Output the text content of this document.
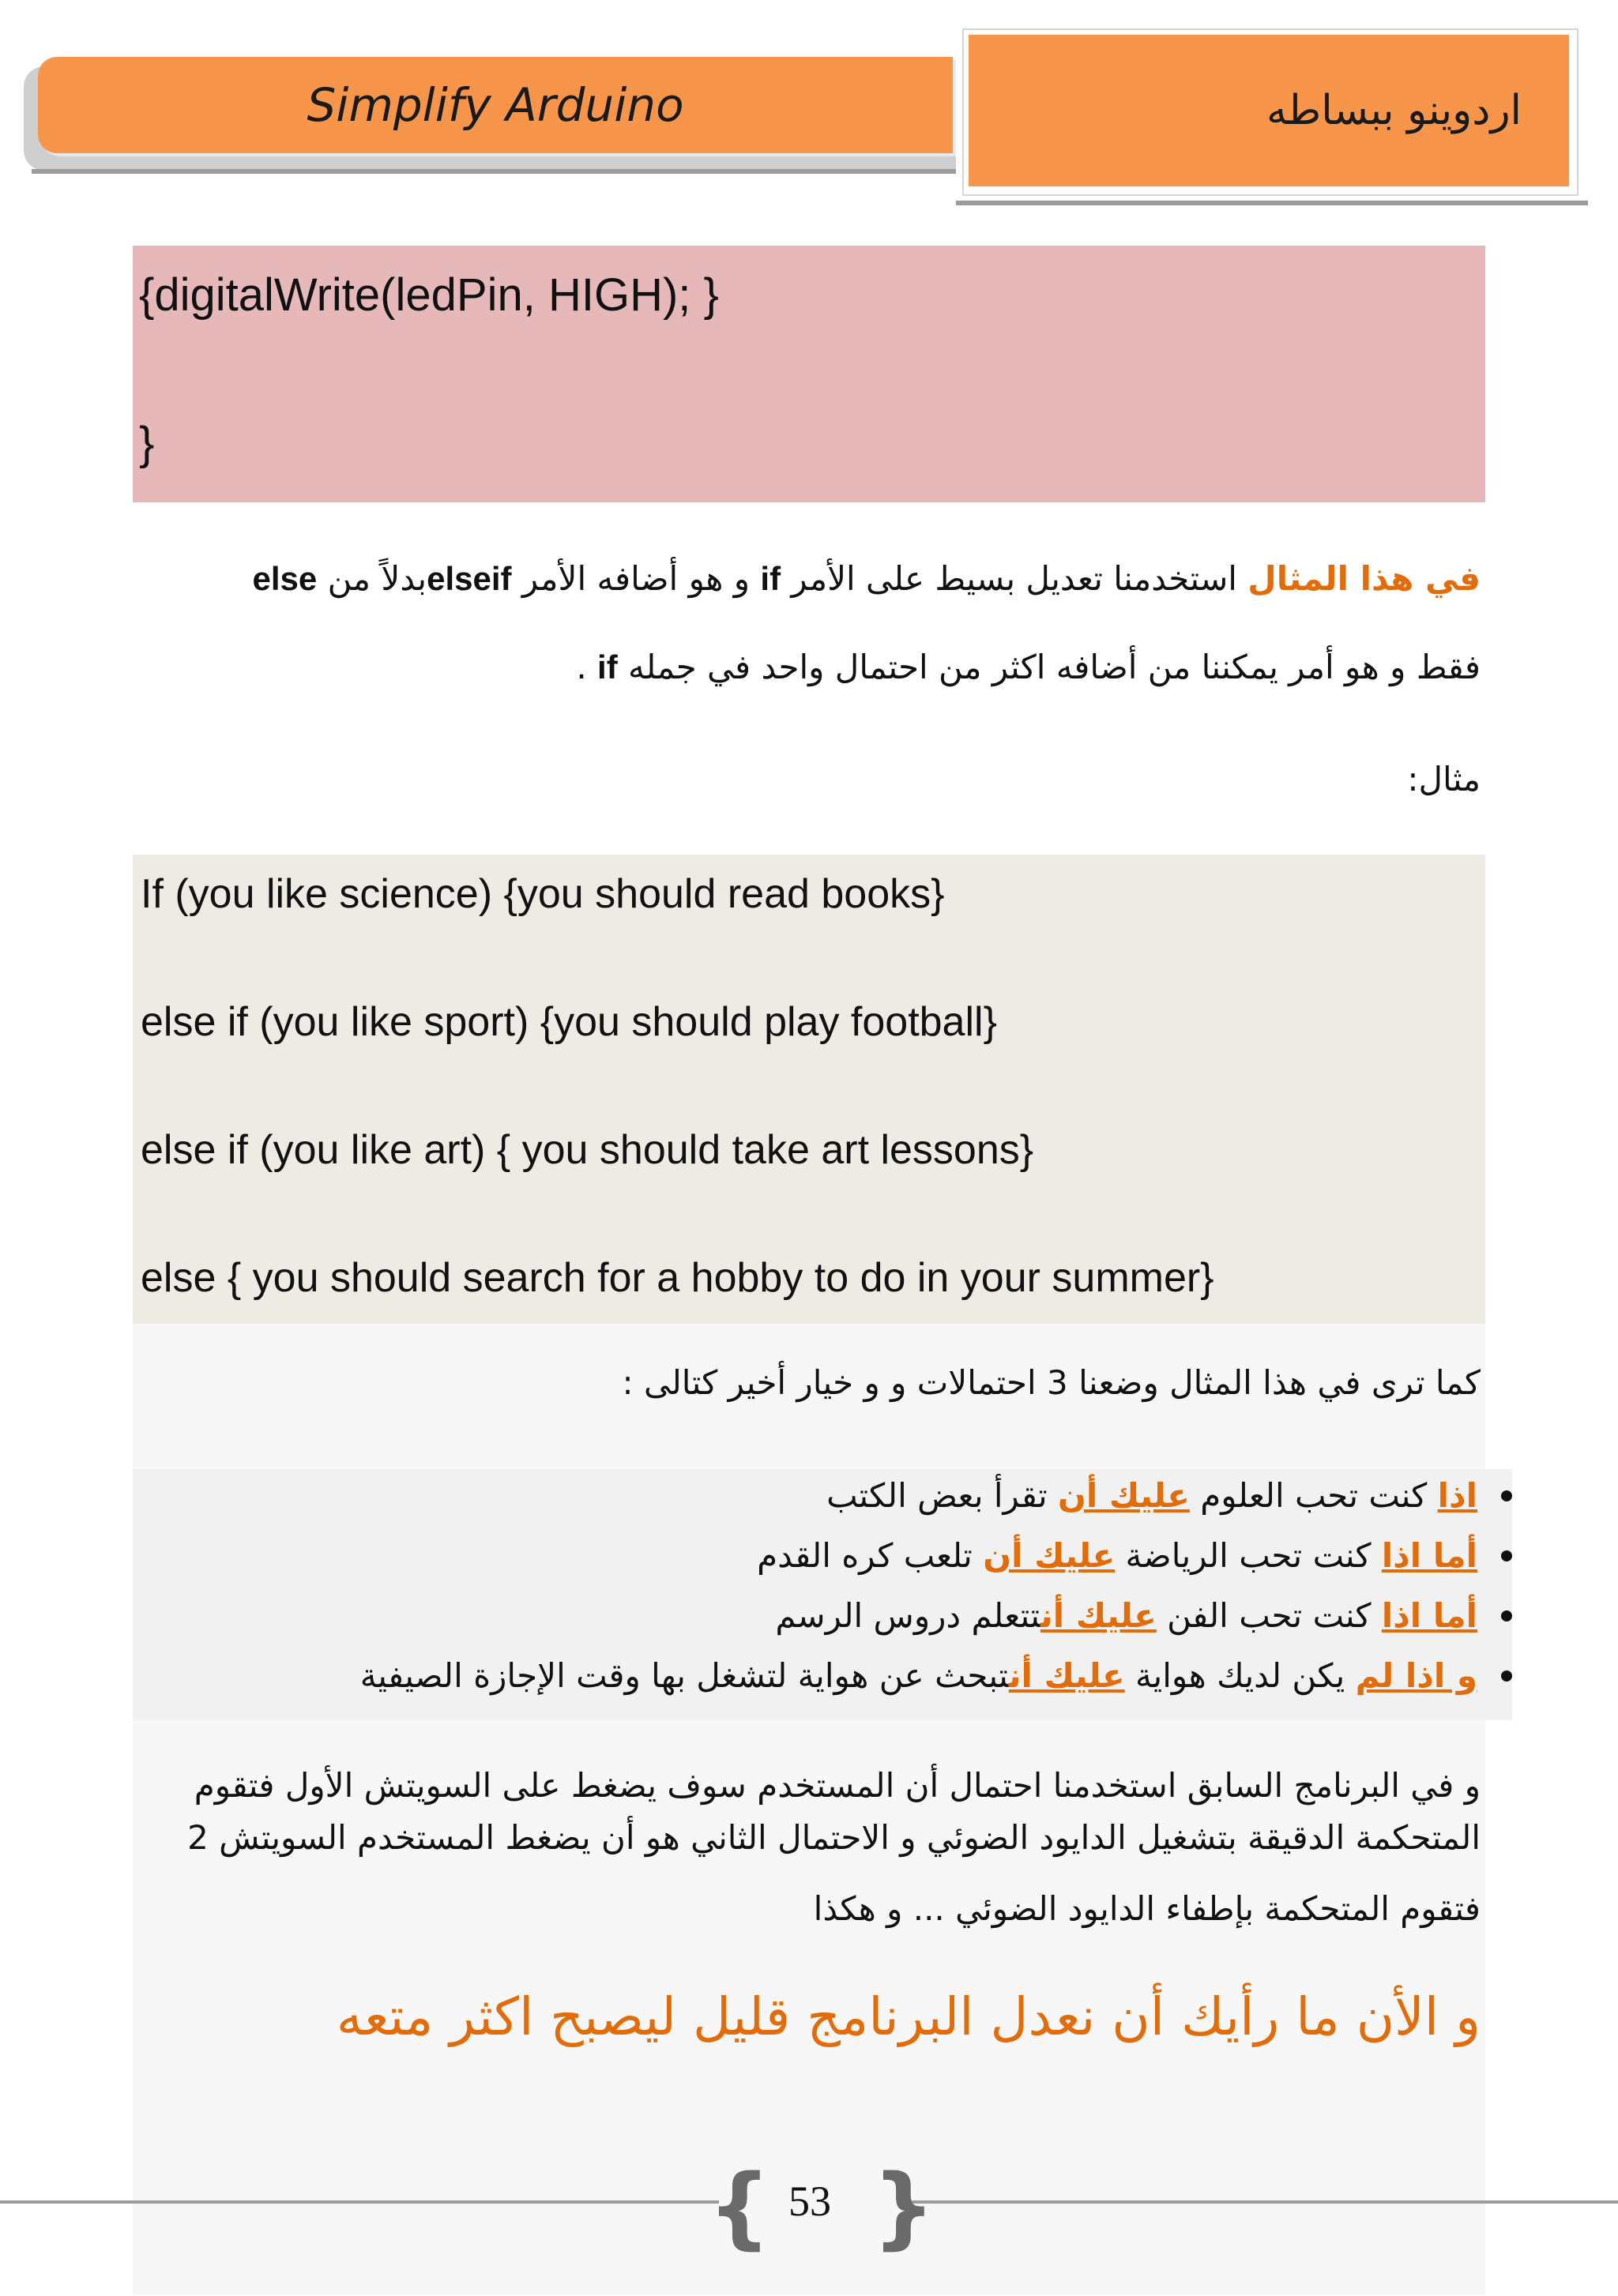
Simplify Arduino	اردوينو ببساطه
{digitalWrite(ledPin, HIGH); }
}
في هذا المثال استخدمنا تعديل بسيط على الأمر if و هو أضافه الأمر elseifبدلاً من else
فقط و هو أمر يمكننا من أضافه اكثر من احتمال واحد في جمله if .
مثال:
If (you like science) {you should read books}
else if (you like sport) {you should play football}
else if (you like art) { you should take art lessons}
else { you should search for a hobby to do in your summer}
كما ترى في هذا المثال وضعنا 3 احتمالات و و خيار أخير كتالى :
اذا كنت تحب العلوم عليك أن تقرأ بعض الكتب
أما اذا كنت تحب الرياضة عليك أن تلعب كره القدم
أما اذا كنت تحب الفن عليك أنتتعلم دروس الرسم
و اذا لم يكن لديك هواية عليك أنتبحث عن هواية لتشغل بها وقت الإجازة الصيفية
و في البرنامج السابق استخدمنا احتمال أن المستخدم سوف يضغط على السويتش الأول فتقوم
المتحكمة الدقيقة بتشغيل الدايود الضوئي و الاحتمال الثاني هو أن يضغط المستخدم السويتش 2
فتقوم المتحكمة بإطفاء الدايود الضوئي ... و هكذا
و الأن ما رأيك أن نعدل البرنامج قليل ليصبح اكثر متعه
{ }
53
